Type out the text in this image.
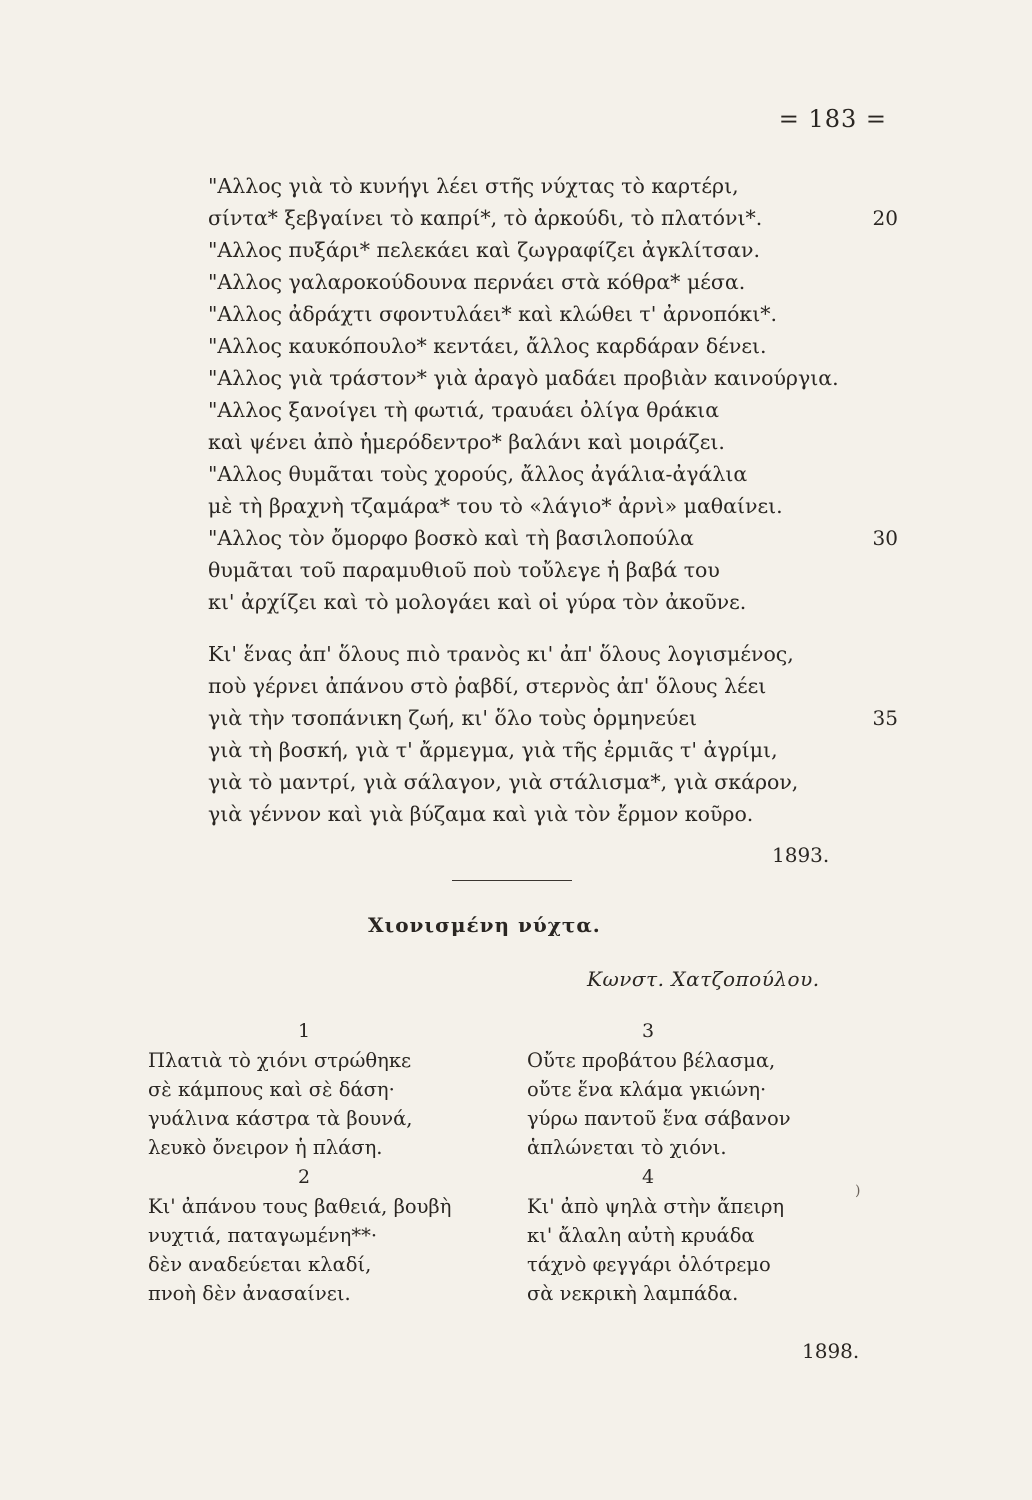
= 183 =
"Αλλος γιὰ τὸ κυνήγι λέει στῆς νύχτας τὸ καρτέρι,
σίντα* ξεβγαίνει τὸ καπρί*, τὸ ἀρκούδι, τὸ πλατόνι*.	20
"Αλλος πυξάρι* πελεκάει καὶ ζωγραφίζει ἀγκλίτσαν.
"Αλλος γαλαροκούδουνα περνάει στὰ κόθρα* μέσα.
"Αλλος ἀδράχτι σφοντυλάει* καὶ κλώθει τ' ἀρνοπόκι*.
"Αλλος καυκόπουλο* κεντάει, ἄλλος καρδάραν δένει.
"Αλλος γιὰ τράστον* γιὰ ἀραγὸ μαδάει προβιὰν καινούργια.
"Αλλος ξανοίγει τὴ φωτιά, τραυάει ὀλίγα θράκια
καὶ ψένει ἀπὸ ἡμερόδεντρο* βαλάνι καὶ μοιράζει.
"Αλλος θυμᾶται τοὺς χορούς, ἄλλος ἀγάλια-ἀγάλια
μὲ τὴ βραχνὴ τζαμάρα* του τὸ «λάγιο* ἀρνὶ» μαθαίνει.
"Αλλος τὸν ὄμορφο βοσκὸ καὶ τὴ βασιλοπούλα	30
θυμᾶται τοῦ παραμυθιοῦ ποὺ τοὔλεγε ἡ βαβά του
κι' ἀρχίζει καὶ τὸ μολογάει καὶ οἱ γύρα τὸν ἀκοῦνε.
Κι' ἕνας ἀπ' ὅλους πιὸ τρανὸς κι' ἀπ' ὅλους λογισμένος,
ποὺ γέρνει ἀπάνου στὸ ῥαβδί, στερνὸς ἀπ' ὅλους λέει
γιὰ τὴν τσοπάνικη ζωή, κι' ὅλο τοὺς ὁρμηνεύει	35
γιὰ τὴ βοσκή, γιὰ τ' ἄρμεγμα, γιὰ τῆς ἐρμιᾶς τ' ἀγρίμι,
γιὰ τὸ μαντρί, γιὰ σάλαγον, γιὰ στάλισμα*, γιὰ σκάρον,
γιὰ γέννον καὶ γιὰ βύζαμα καὶ γιὰ τὸν ἔρμον κοῦρο.
1893.
Χιονισμένη νύχτα.
Κωνστ. Χατζοπούλου.
1
Πλατιὰ τὸ χιόνι στρώθηκε
σὲ κάμπους καὶ σὲ δάση·
γυάλινα κάστρα τὰ βουνά,
λευκὸ ὄνειρον ἡ πλάση.
2
Κι' ἀπάνου τους βαθειά, βουβὴ
νυχτιά, παταγωμένη**·
δὲν αναδεύεται κλαδί,
πνοὴ δὲν ἀνασαίνει.
3
Οὔτε προβάτου βέλασμα,
οὔτε ἕνα κλάμα γκιώνη·
γύρω παντοῦ ἕνα σάβανον
ἁπλώνεται τὸ χιόνι.
4
Κι' ἀπὸ ψηλὰ στὴν ἄπειρη
κι' ἄλαλη αὐτὴ κρυάδα
τάχνὸ φεγγάρι ὁλότρεμο
σὰ νεκρικὴ λαμπάδα.
)
1898.
